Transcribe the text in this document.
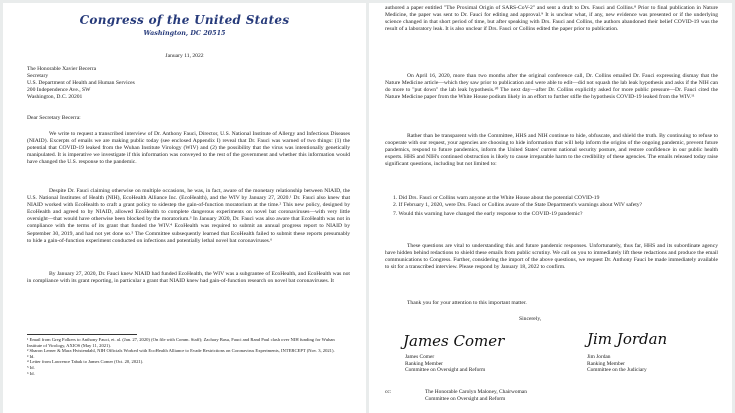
Congress of the United States
Washington, DC 20515
January 11, 2022
The Honorable Xavier Becerra
Secretary
U.S. Department of Health and Human Services
200 Independence Ave., SW
Washington, D.C. 20201
Dear Secretary Becerra:

We write to request a transcribed interview of Dr. Anthony Fauci, Director, U.S. National Institute of Allergy and Infectious Diseases (NIAID). Excerpts of emails we are making public today (see enclosed Appendix I) reveal that Dr. Fauci was warned of two things: (1) the potential that COVID-19 leaked from the Wuhan Institute Virology (WIV) and (2) the possibility that the virus was intentionally genetically manipulated. It is imperative we investigate if this information was conveyed to the rest of the government and whether this information would have changed the U.S. response to the pandemic.

Despite Dr. Fauci claiming otherwise on multiple occasions, he was, in fact, aware of the monetary relationship between NIAID, the U.S. National Institutes of Health (NIH), EcoHealth Alliance Inc. (EcoHealth), and the WIV by January 27, 2020.¹ Dr. Fauci also knew that NIAID worked with EcoHealth to craft a grant policy to sidestep the gain-of-function moratorium at the time.² This new policy, designed by EcoHealth and agreed to by NIAID, allowed EcoHealth to complete dangerous experiments on novel bat coronaviruses—with very little oversight—that would have otherwise been blocked by the moratorium.³ In January 2020, Dr. Fauci was also aware that EcoHealth was not in compliance with the terms of its grant that funded the WIV.⁴ EcoHealth was required to submit an annual progress report to NIAID by September 30, 2019, and had not yet done so.⁵ The Committee subsequently learned that EcoHealth failed to submit these reports presumably to hide a gain-of-function experiment conducted on infections and potentially lethal novel bat coronaviruses.⁶

By January 27, 2020, Dr. Fauci knew NIAID had funded EcoHealth, the WIV was a subgrantee of EcoHealth, and EcoHealth was not in compliance with its grant reporting, in particular a grant that NIAID knew had gain-of-function research on novel bat coronaviruses. It

¹ Email from Greg Folkers to Anthony Fauci, et. al. (Jan. 27, 2020) (On file with Comm. Staff); Zachary Basu, Fauci and Rand Paul clash over NIH funding for Wuhan Institute of Virology, AXIOS (May 11, 2021).
² Sharon Lerner & Mara Hvistendahl, NIH Officials Worked with EcoHealth Alliance to Evade Restrictions on Coronavirus Experiments, INTERCEPT (Nov. 3, 2021).
³ Id.
⁴ Letter from Lawrence Tabak to James Comer (Oct. 20, 2021).
⁵ Id.
⁶ Id.

authored a paper entitled "The Proximal Origin of SARS-CoV-2" and sent a draft to Drs. Fauci and Collins.⁸ Prior to final publication in Nature Medicine, the paper was sent to Dr. Fauci for editing and approval.⁹ It is unclear what, if any, new evidence was presented or if the underlying science changed in that short period of time, but after speaking with Drs. Fauci and Collins, the authors abandoned their belief COVID-19 was the result of a laboratory leak. It is also unclear if Drs. Fauci or Collins edited the paper prior to publication.

On April 16, 2020, more than two months after the original conference call, Dr. Collins emailed Dr. Fauci expressing dismay that the Nature Medicine article—which they saw prior to publication and were able to edit—did not squash the lab leak hypothesis and asks if the NIH can do more to "put down" the lab leak hypothesis.¹⁰ The next day—after Dr. Collins explicitly asked for more public pressure—Dr. Fauci cited the Nature Medicine paper from the White House podium likely in an effort to further stifle the hypothesis COVID-19 leaked from the WIV.¹¹

Rather than be transparent with the Committee, HHS and NIH continue to hide, obfuscate, and shield the truth. By continuing to refuse to cooperate with our request, your agencies are choosing to hide information that will help inform the origins of the ongoing pandemic, prevent future pandemics, respond to future pandemics, inform the United States' current national security posture, and restore confidence in our public health experts. HHS and NIH's continued obstruction is likely to cause irreparable harm to the credibility of these agencies. The emails released today raise significant questions, including but not limited to:

1. Did Drs. Fauci or Collins warn anyone at the White House about the potential COVID-19
2. If February 1, 2020, were Drs. Fauci or Collins aware of the State Department's warnings about WIV safety?
7. Would this warning have changed the early response to the COVID-19 pandemic?

These questions are vital to understanding this and future pandemic responses. Unfortunately, thus far, HHS and its subordinate agency have hidden behind redactions to shield these emails from public scrutiny. We call on you to immediately lift these redactions and produce the email communications to Congress. Further, considering the import of the above questions, we request Dr. Anthony Fauci be made immediately available to sit for a transcribed interview. Please respond by January 18, 2022 to confirm.

Thank you for your attention to this important matter.

Sincerely,
James Comer	Jim Jordan
James Comer
Ranking Member
Committee on Oversight and Reform
Jim Jordan
Ranking Member
Committee on the Judiciary
cc:	The Honorable Carolyn Maloney, Chairwoman
Committee on Oversight and Reform
